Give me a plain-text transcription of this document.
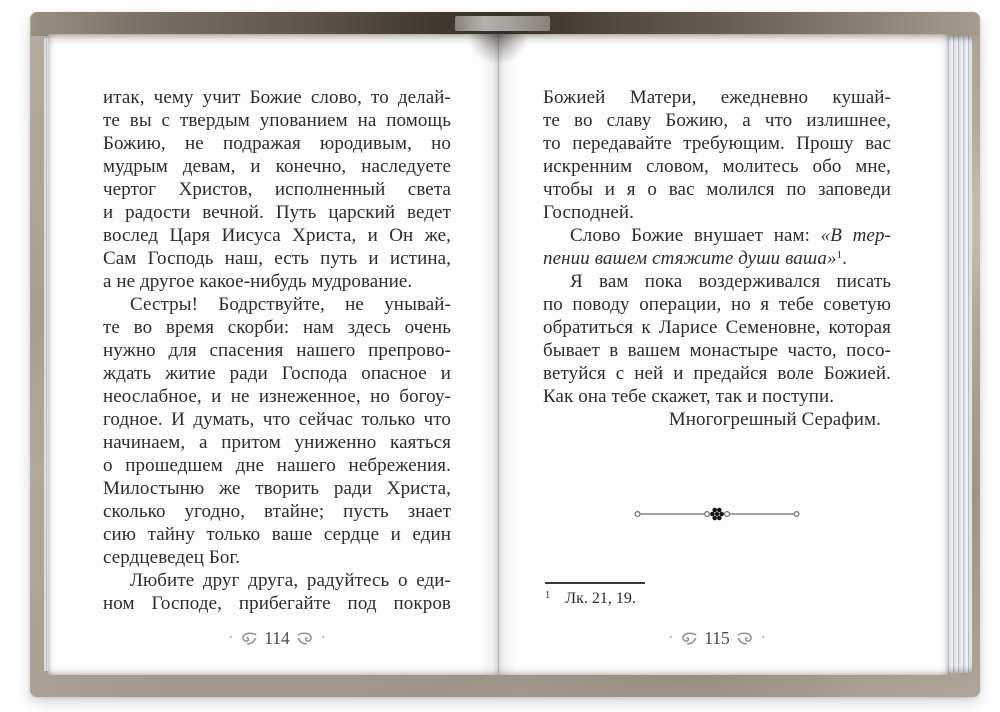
итак, чему учит Божие слово, то делай-
те вы с твердым упованием на помощь
Божию, не подражая юродивым, но
мудрым девам, и конечно, наследуете
чертог Христов, исполненный света
и радости вечной. Путь царский ведет
вослед Царя Иисуса Христа, и Он же,
Сам Господь наш, есть путь и истина,
а не другое какое-нибудь мудрование.
Сестры! Бодрствуйте, не унывай-
те во время скорби: нам здесь очень
нужно для спасения нашего препрово-
ждать житие ради Господа опасное и
неослабное, и не изнеженное, но богоу-
годное. И думать, что сейчас только что
начинаем, а притом униженно каяться
о прошедшем дне нашего небрежения.
Милостыню же творить ради Христа,
сколько угодно, втайне; пусть знает
сию тайну только ваше сердце и един
сердцеведец Бог.
Любите друг друга, радуйтесь о еди-
ном Господе, прибегайте под покров
Божией Матери, ежедневно кушай-
те во славу Божию, а что излишнее,
то передавайте требующим. Прошу вас
искренним словом, молитесь обо мне,
чтобы и я о вас молился по заповеди
Господней.
Слово Божие внушает нам: «В тер-
пении вашем стяжите души ваша»$^1$.
Я вам пока воздерживался писать
по поводу операции, но я тебе советую
обратиться к Ларисе Семеновне, которая
бывает в вашем монастыре часто, посо-
ветуйся с ней и предайся воле Божией.
Как она тебе скажет, так и поступи.
Многогрешный Серафим.
$^1$ Лк. 21, 19.
· 114 ·	· 115 ·
